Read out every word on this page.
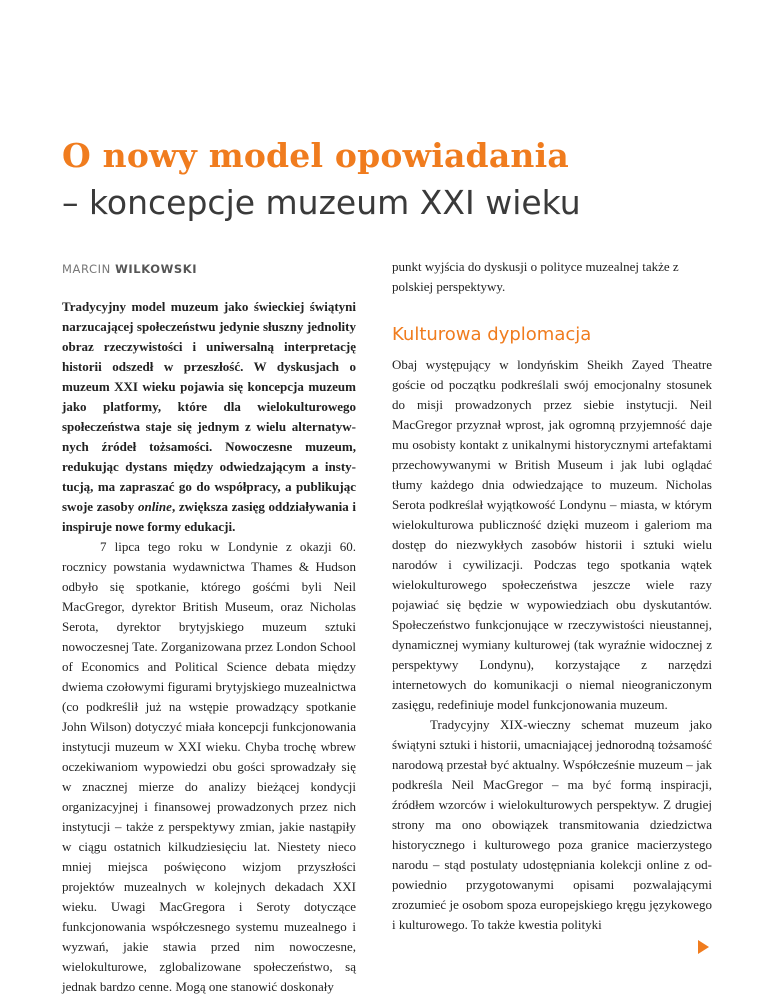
O nowy model opowiadania
– koncepcje muzeum XXI wieku
MARCIN WILKOWSKI

Tradycyjny model muzeum jako świeckiej świątyni narzucającej społeczeństwu jedynie słuszny jednolity obraz rzeczywistości i uniwersalną interpretację historii odszedł w przeszłość. W dyskusjach o muzeum XXI wieku pojawia się koncepcja muzeum jako platformy, które dla wielokulturowego społeczeństwa staje się jednym z wielu alternatywnych źródeł tożsamości. Nowoczesne muzeum, redukując dystans między odwiedzającym a instytucją, ma zapraszać go do współpracy, a publikując swoje zasoby online, zwiększa zasięg oddziaływania i inspiruje nowe formy edukacji.

7 lipca tego roku w Londynie z okazji 60. rocznicy powstania wydawnictwa Thames & Hudson odbyło się spotkanie, którego gośćmi byli Neil MacGregor, dyrektor British Museum, oraz Nicholas Serota, dyrektor brytyjskiego muzeum sztuki nowoczesnej Tate. Zorganizowana przez London School of Economics and Political Science debata między dwiema czołowymi figurami brytyjskiego muzealnictwa (co podkreślił już na wstępie prowadzący spotkanie John Wilson) dotyczyć miała koncepcji funkcjonowania instytucji muzeum w XXI wieku. Chyba trochę wbrew oczekiwaniom wypowiedzi obu gości sprowadzały się w znacznej mierze do analizy bieżącej kondycji organizacyjnej i finansowej prowadzonych przez nich instytucji – także z perspektywy zmian, jakie nastąpiły w ciągu ostatnich kilkudziesięciu lat. Niestety nieco mniej miejsca poświęcono wizjom przyszłości projektów muzealnych w kolejnych dekadach XXI wieku. Uwagi MacGregora i Seroty dotyczące funkcjonowania współczesnego systemu muzealnego i wyzwań, jakie stawia przed nim nowoczesne, wielokulturowe, zglobalizowane społeczeństwo, są jednak bardzo cenne. Mogą one stanowić doskonały

punkt wyjścia do dyskusji o polityce muzealnej także z polskiej perspektywy.

Kulturowa dyplomacja

Obaj występujący w londyńskim Sheikh Zayed Theatre goście od początku podkreślali swój emocjonalny stosunek do misji prowadzonych przez siebie instytucji. Neil MacGregor przyznał wprost, jak ogromną przyjemność daje mu osobisty kontakt z unikalnymi historycznymi artefaktami przechowywanymi w British Museum i jak lubi oglądać tłumy każdego dnia odwiedzające to muzeum. Nicholas Serota podkreślał wyjątkowość Londynu – miasta, w którym wielokulturowa publiczność dzięki muzeom i galeriom ma dostęp do niezwykłych zasobów historii i sztuki wielu narodów i cywilizacji. Podczas tego spotkania wątek wielokulturowego społeczeństwa jeszcze wiele razy pojawiać się będzie w wypowiedziach obu dyskutantów. Społeczeństwo funkcjonujące w rzeczywistości nieustannej, dynamicznej wymiany kulturowej (tak wyraźnie widocznej z perspektywy Londynu), korzystające z narzędzi internetowych do komunikacji o niemal nieograniczonym zasięgu, redefiniuje model funkcjonowania muzeum.

Tradycyjny XIX-wieczny schemat muzeum jako świątyni sztuki i historii, umacniającej jednorodną tożsamość narodową przestał być aktualny. Współcześnie muzeum – jak podkreśla Neil MacGregor – ma być formą inspiracji, źródłem wzorców i wielokulturowych perspektyw. Z drugiej strony ma ono obowiązek transmitowania dziedzictwa historycznego i kulturowego poza granice macierzystego narodu – stąd postulaty udostępniania kolekcji online z odpowiednio przygotowanymi opisami pozwalającymi zrozumieć je osobom spoza europejskiego kręgu językowego i kulturowego. To także kwestia polityki
